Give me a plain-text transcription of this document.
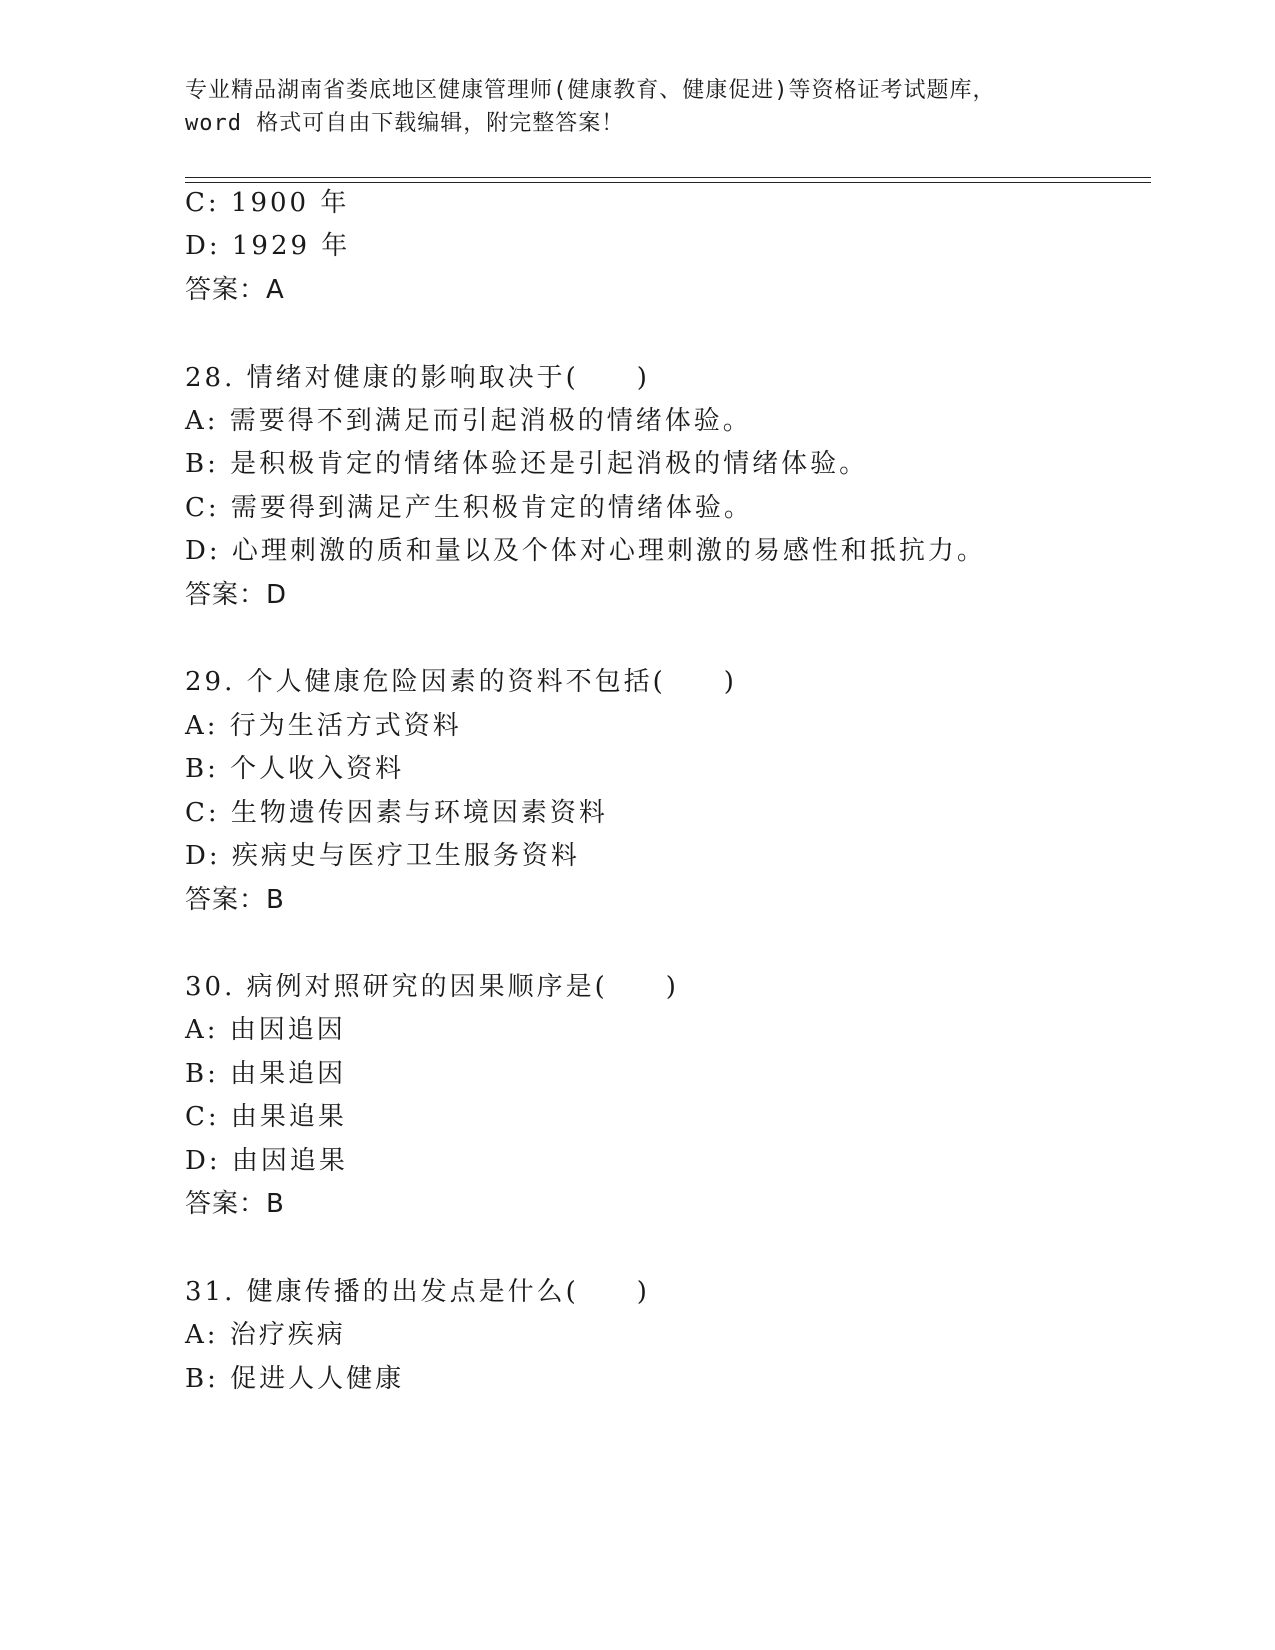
专业精品湖南省娄底地区健康管理师(健康教育、健康促进)等资格证考试题库，
word 格式可自由下载编辑，附完整答案！
C: 1900 年
D: 1929 年
答案：A
28. 情绪对健康的影响取决于(　　)
A: 需要得不到满足而引起消极的情绪体验。
B: 是积极肯定的情绪体验还是引起消极的情绪体验。
C: 需要得到满足产生积极肯定的情绪体验。
D: 心理刺激的质和量以及个体对心理刺激的易感性和抵抗力。
答案：D
29. 个人健康危险因素的资料不包括(　　)
A: 行为生活方式资料
B: 个人收入资料
C: 生物遗传因素与环境因素资料
D: 疾病史与医疗卫生服务资料
答案：B
30. 病例对照研究的因果顺序是(　　)
A: 由因追因
B: 由果追因
C: 由果追果
D: 由因追果
答案：B
31. 健康传播的出发点是什么(　　)
A: 治疗疾病
B: 促进人人健康
